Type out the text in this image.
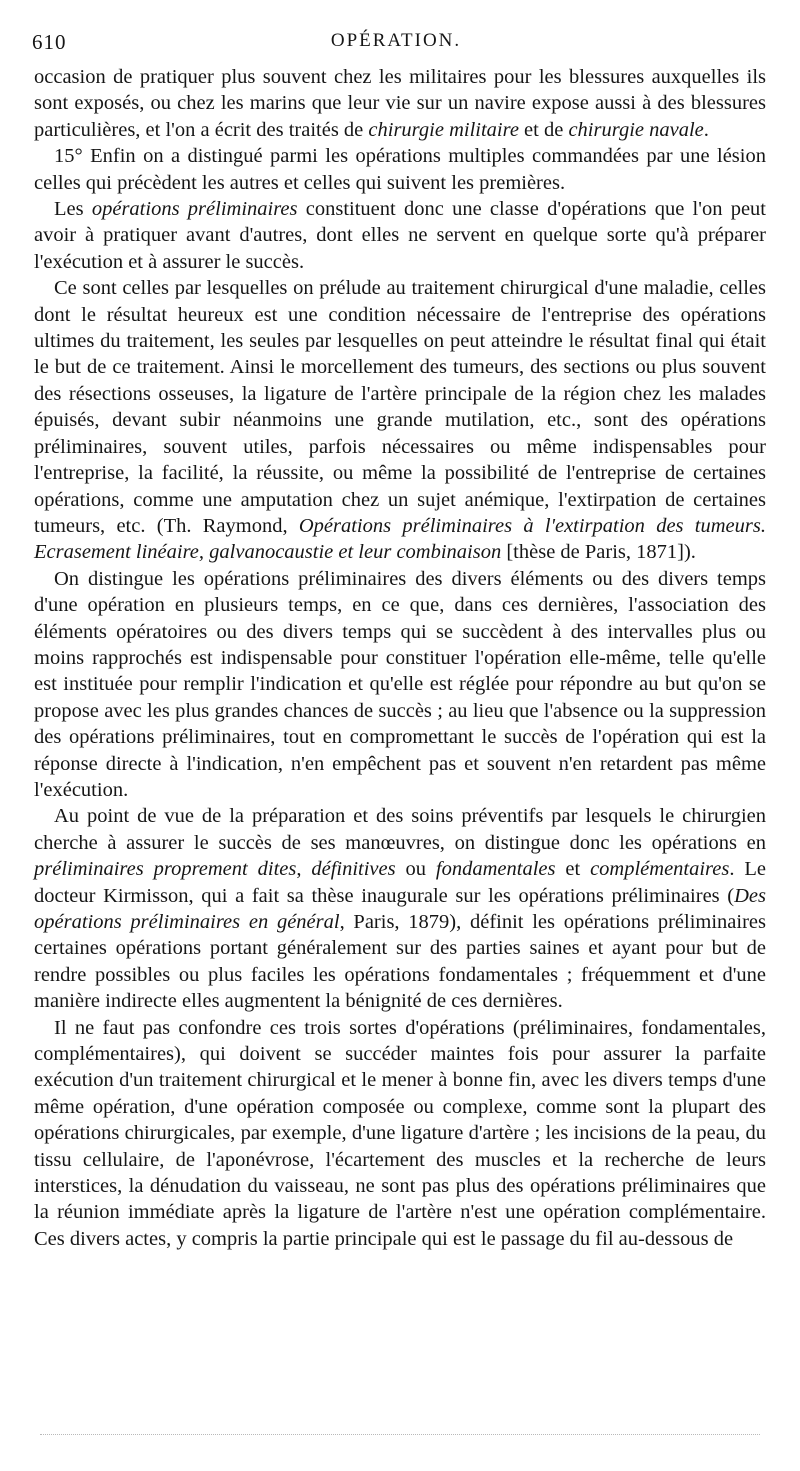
610	OPÉRATION.

occasion de pratiquer plus souvent chez les militaires pour les blessures auxquelles ils sont exposés, ou chez les marins que leur vie sur un navire expose aussi à des blessures particulières, et l'on a écrit des traités de chirurgie militaire et de chirurgie navale.

15° Enfin on a distingué parmi les opérations multiples commandées par une lésion celles qui précèdent les autres et celles qui suivent les premières.

Les opérations préliminaires constituent donc une classe d'opérations que l'on peut avoir à pratiquer avant d'autres, dont elles ne servent en quelque sorte qu'à préparer l'exécution et à assurer le succès.

Ce sont celles par lesquelles on prélude au traitement chirurgical d'une maladie, celles dont le résultat heureux est une condition nécessaire de l'entreprise des opérations ultimes du traitement, les seules par lesquelles on peut atteindre le résultat final qui était le but de ce traitement. Ainsi le morcellement des tumeurs, des sections ou plus souvent des résections osseuses, la ligature de l'artère principale de la région chez les malades épuisés, devant subir néanmoins une grande mutilation, etc., sont des opérations préliminaires, souvent utiles, parfois nécessaires ou même indispensables pour l'entreprise, la facilité, la réussite, ou même la possibilité de l'entreprise de certaines opérations, comme une amputation chez un sujet anémique, l'extirpation de certaines tumeurs, etc. (Th. Raymond, Opérations préliminaires à l'extirpation des tumeurs. Ecrasement linéaire, galvanocaustie et leur combinaison [thèse de Paris, 1871]).

On distingue les opérations préliminaires des divers éléments ou des divers temps d'une opération en plusieurs temps, en ce que, dans ces dernières, l'association des éléments opératoires ou des divers temps qui se succèdent à des intervalles plus ou moins rapprochés est indispensable pour constituer l'opération elle-même, telle qu'elle est instituée pour remplir l'indication et qu'elle est réglée pour répondre au but qu'on se propose avec les plus grandes chances de succès ; au lieu que l'absence ou la suppression des opérations préliminaires, tout en compromettant le succès de l'opération qui est la réponse directe à l'indication, n'en empêchent pas et souvent n'en retardent pas même l'exécution.

Au point de vue de la préparation et des soins préventifs par lesquels le chirurgien cherche à assurer le succès de ses manœuvres, on distingue donc les opérations en préliminaires proprement dites, définitives ou fondamentales et complémentaires. Le docteur Kirmisson, qui a fait sa thèse inaugurale sur les opérations préliminaires (Des opérations préliminaires en général, Paris, 1879), définit les opérations préliminaires certaines opérations portant généralement sur des parties saines et ayant pour but de rendre possibles ou plus faciles les opérations fondamentales ; fréquemment et d'une manière indirecte elles augmentent la bénignité de ces dernières.

Il ne faut pas confondre ces trois sortes d'opérations (préliminaires, fondamentales, complémentaires), qui doivent se succéder maintes fois pour assurer la parfaite exécution d'un traitement chirurgical et le mener à bonne fin, avec les divers temps d'une même opération, d'une opération composée ou complexe, comme sont la plupart des opérations chirurgicales, par exemple, d'une ligature d'artère ; les incisions de la peau, du tissu cellulaire, de l'aponévrose, l'écartement des muscles et la recherche de leurs interstices, la dénudation du vaisseau, ne sont pas plus des opérations préliminaires que la réunion immédiate après la ligature de l'artère n'est une opération complémentaire. Ces divers actes, y compris la partie principale qui est le passage du fil au-dessous de
